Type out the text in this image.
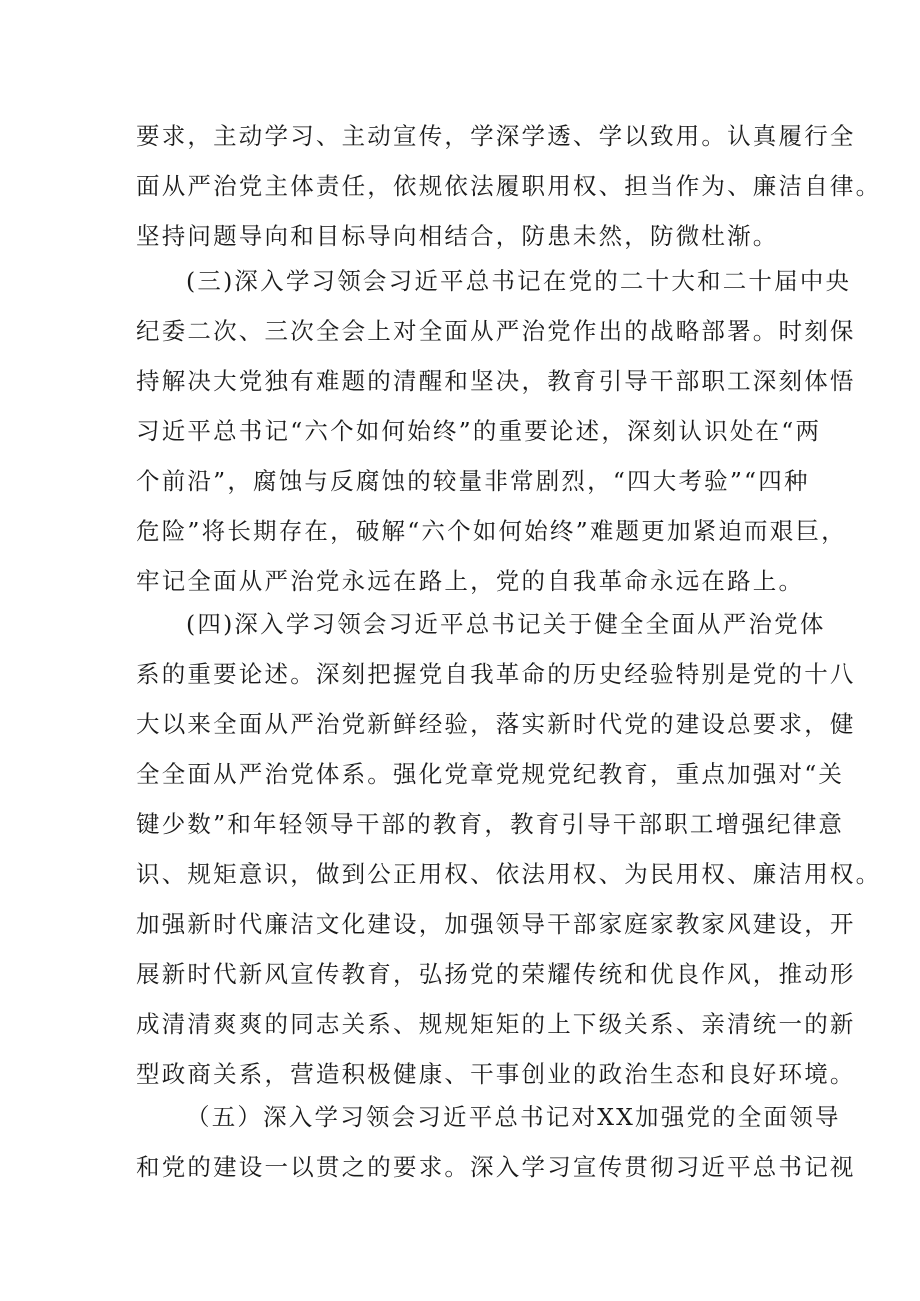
要求，主动学习、主动宣传，学深学透、学以致用。认真履行全

面从严治党主体责任，依规依法履职用权、担当作为、廉洁自律。

坚持问题导向和目标导向相结合，防患未然，防微杜渐。

(三)深入学习领会习近平总书记在党的二十大和二十届中央

纪委二次、三次全会上对全面从严治党作出的战略部署。时刻保

持解决大党独有难题的清醒和坚决，教育引导干部职工深刻体悟

习近平总书记“六个如何始终”的重要论述，深刻认识处在“两

个前沿”，腐蚀与反腐蚀的较量非常剧烈，“四大考验”“四种

危险”将长期存在，破解“六个如何始终”难题更加紧迫而艰巨，

牢记全面从严治党永远在路上，党的自我革命永远在路上。

(四)深入学习领会习近平总书记关于健全全面从严治党体

系的重要论述。深刻把握党自我革命的历史经验特别是党的十八

大以来全面从严治党新鲜经验，落实新时代党的建设总要求，健

全全面从严治党体系。强化党章党规党纪教育，重点加强对“关

键少数”和年轻领导干部的教育，教育引导干部职工增强纪律意

识、规矩意识，做到公正用权、依法用权、为民用权、廉洁用权。

加强新时代廉洁文化建设，加强领导干部家庭家教家风建设，开

展新时代新风宣传教育，弘扬党的荣耀传统和优良作风，推动形

成清清爽爽的同志关系、规规矩矩的上下级关系、亲清统一的新

型政商关系，营造积极健康、干事创业的政治生态和良好环境。

（五）深入学习领会习近平总书记对XX加强党的全面领导

和党的建设一以贯之的要求。深入学习宣传贯彻习近平总书记视
